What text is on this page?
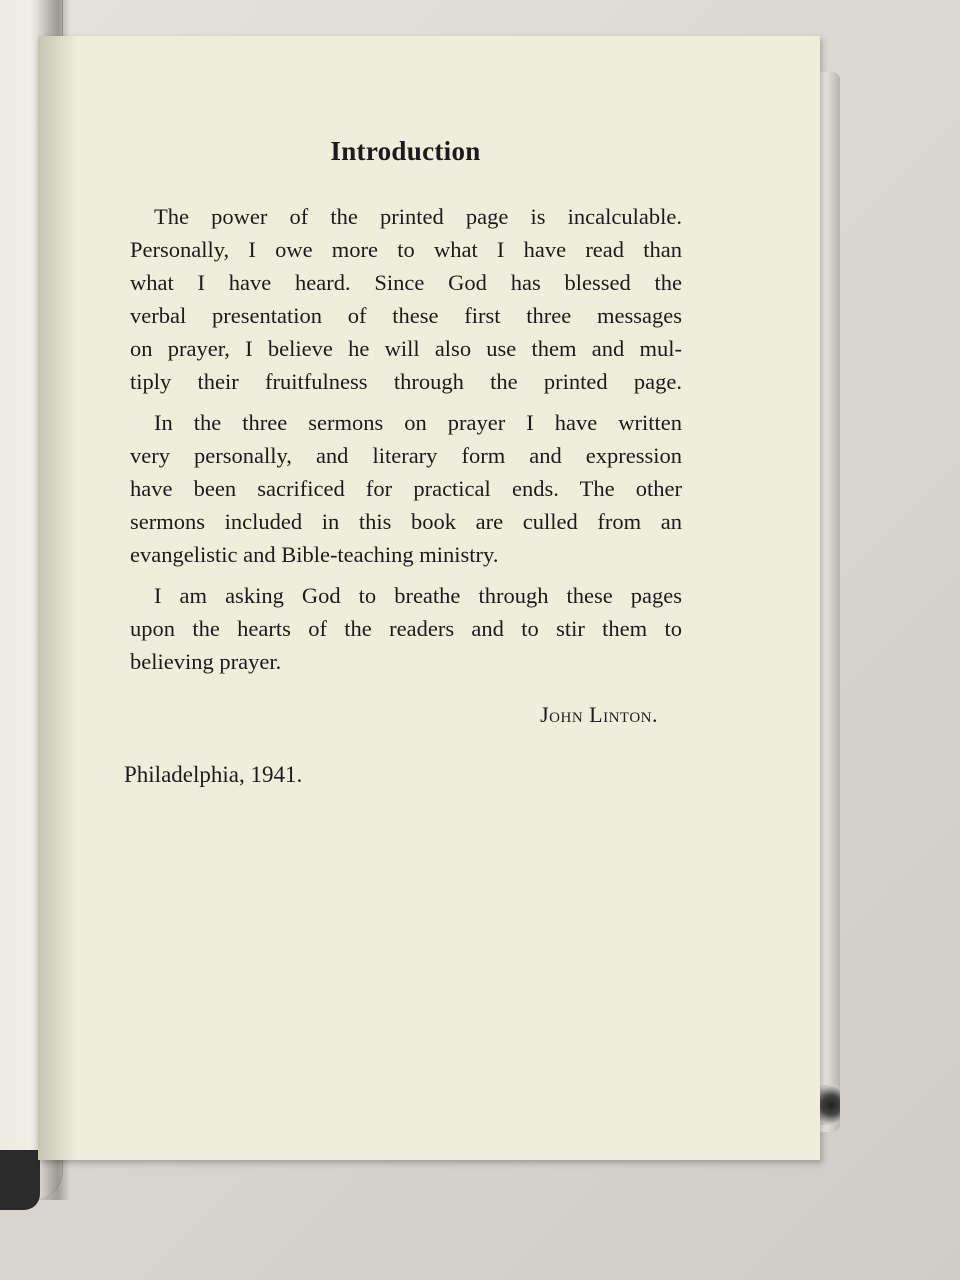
Introduction
The power of the printed page is incalculable.
Personally, I owe more to what I have read than
what I have heard. Since God has blessed the
verbal presentation of these first three messages
on prayer, I believe he will also use them and mul-
tiply their fruitfulness through the printed page.
In the three sermons on prayer I have written
very personally, and literary form and expression
have been sacrificed for practical ends. The other
sermons included in this book are culled from an
evangelistic and Bible-teaching ministry.
I am asking God to breathe through these pages
upon the hearts of the readers and to stir them to
believing prayer.
John Linton.
Philadelphia, 1941.
